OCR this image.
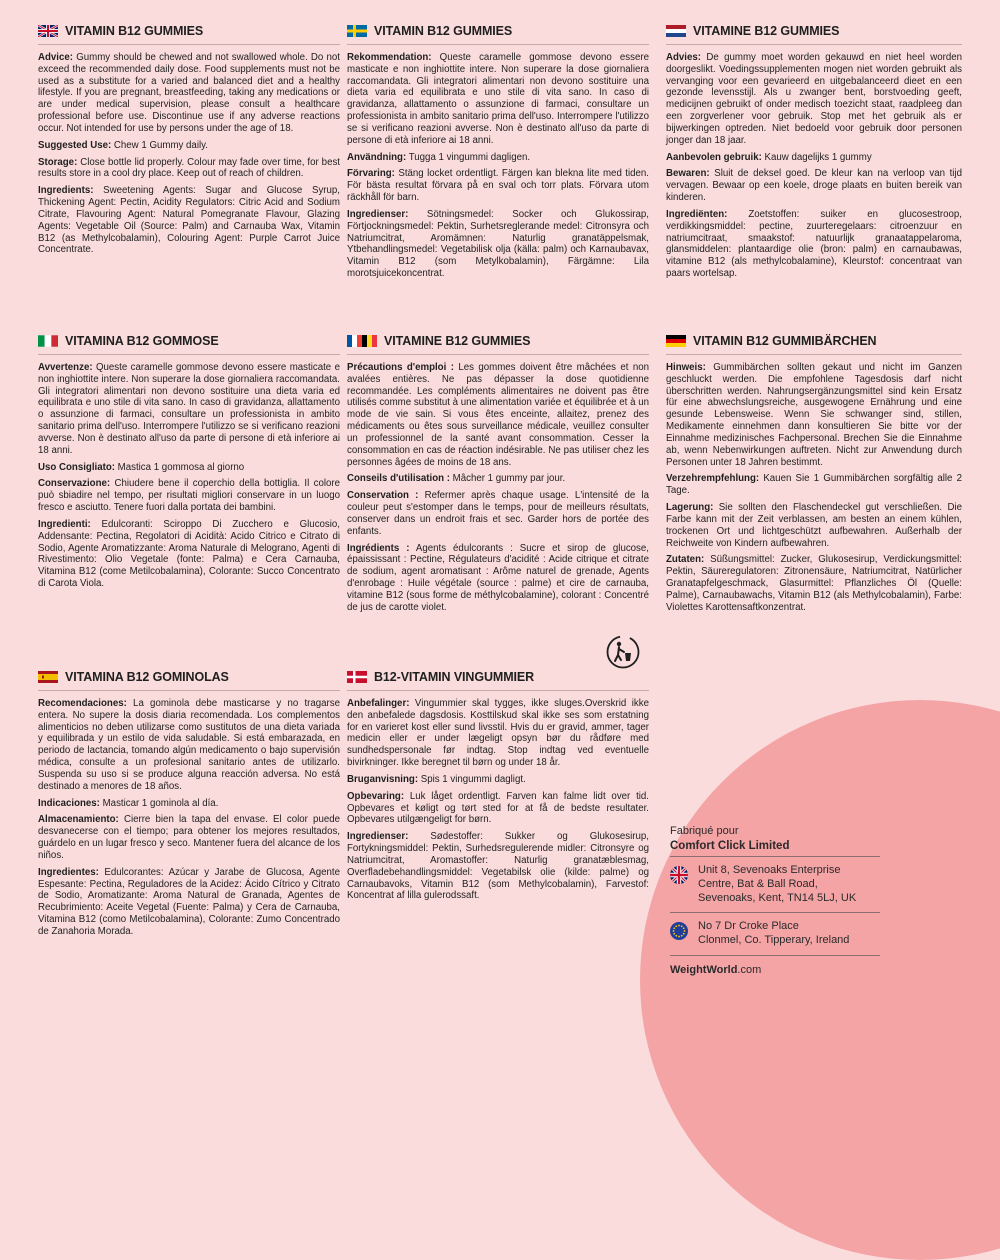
VITAMIN B12 GUMMIES

Advice: Gummy should be chewed and not swallowed whole. Do not exceed the recommended daily dose. Food supplements must not be used as a substitute for a varied and balanced diet and a healthy lifestyle. If you are pregnant, breastfeeding, taking any medications or are under medical supervision, please consult a healthcare professional before use. Discontinue use if any adverse reactions occur. Not intended for use by persons under the age of 18.

Suggested Use: Chew 1 Gummy daily.

Storage: Close bottle lid properly. Colour may fade over time, for best results store in a cool dry place. Keep out of reach of children.

Ingredients: Sweetening Agents: Sugar and Glucose Syrup, Thickening Agent: Pectin, Acidity Regulators: Citric Acid and Sodium Citrate, Flavouring Agent: Natural Pomegranate Flavour, Glazing Agents: Vegetable Oil (Source: Palm) and Carnauba Wax, Vitamin B12 (as Methylcobalamin), Colouring Agent: Purple Carrot Juice Concentrate.

VITAMIN B12 GUMMIES

Rekommendation: Queste caramelle gommose devono essere masticate e non inghiottite intere. Non superare la dose giornaliera raccomandata. Gli integratori alimentari non devono sostituire una dieta varia ed equilibrata e uno stile di vita sano. In caso di gravidanza, allattamento o assunzione di farmaci, consultare un professionista in ambito sanitario prima dell'uso. Interrompere l'utilizzo se si verificano reazioni avverse. Non è destinato all'uso da parte di persone di età inferiore ai 18 anni.

Användning: Tugga 1 vingummi dagligen.

Förvaring: Stäng locket ordentligt. Färgen kan blekna lite med tiden. För bästa resultat förvara på en sval och torr plats. Förvara utom räckhåll för barn.

Ingredienser: Sötningsmedel: Socker och Glukossirap, Förtjockningsmedel: Pektin, Surhetsreglerande medel: Citronsyra och Natriumcitrat, Aromämnen: Naturlig granatäppelsmak, Ytbehandlingsmedel: Vegetabilisk olja (källa: palm) och Karnaubavax, Vitamin B12 (som Metylkobalamin), Färgämne: Lila morotsjuicekoncentrat.

VITAMINE B12 GUMMIES

Advies: De gummy moet worden gekauwd en niet heel worden doorgeslikt. Voedingssupplementen mogen niet worden gebruikt als vervanging voor een gevarieerd en uitgebalanceerd dieet en een gezonde levensstijl. Als u zwanger bent, borstvoeding geeft, medicijnen gebruikt of onder medisch toezicht staat, raadpleeg dan een zorgverlener voor gebruik. Stop met het gebruik als er bijwerkingen optreden. Niet bedoeld voor gebruik door personen jonger dan 18 jaar.

Aanbevolen gebruik: Kauw dagelijks 1 gummy

Bewaren: Sluit de deksel goed. De kleur kan na verloop van tijd vervagen. Bewaar op een koele, droge plaats en buiten bereik van kinderen.

Ingrediënten: Zoetstoffen: suiker en glucosestroop, verdikkingsmiddel: pectine, zuurteregelaars: citroenzuur en natriumcitraat, smaakstof: natuurlijk granaatappelaroma, glansmiddelen: plantaardige olie (bron: palm) en carnaubawas, vitamine B12 (als methylcobalamine), Kleurstof: concentraat van paars wortelsap.

VITAMINA B12 GOMMOSE

Avvertenze: Queste caramelle gommose devono essere masticate e non inghiottite intere. Non superare la dose giornaliera raccomandata. Gli integratori alimentari non devono sostituire una dieta varia ed equilibrata e uno stile di vita sano. In caso di gravidanza, allattamento o assunzione di farmaci, consultare un professionista in ambito sanitario prima dell'uso. Interrompere l'utilizzo se si verificano reazioni avverse. Non è destinato all'uso da parte di persone di età inferiore ai 18 anni.

Uso Consigliato: Mastica 1 gommosa al giorno

Conservazione: Chiudere bene il coperchio della bottiglia. Il colore può sbiadire nel tempo, per risultati migliori conservare in un luogo fresco e asciutto. Tenere fuori dalla portata dei bambini.

Ingredienti: Edulcoranti: Sciroppo Di Zucchero e Glucosio, Addensante: Pectina, Regolatori di Acidità: Acido Citrico e Citrato di Sodio, Agente Aromatizzante: Aroma Naturale di Melograno, Agenti di Rivestimento: Olio Vegetale (fonte: Palma) e Cera Carnauba, Vitamina B12 (come Metilcobalamina), Colorante: Succo Concentrato di Carota Viola.

VITAMINE B12 GUMMIES

Précautions d'emploi : Les gommes doivent être mâchées et non avalées entières. Ne pas dépasser la dose quotidienne recommandée. Les compléments alimentaires ne doivent pas être utilisés comme substitut à une alimentation variée et équilibrée et à un mode de vie sain. Si vous êtes enceinte, allaitez, prenez des médicaments ou êtes sous surveillance médicale, veuillez consulter un professionnel de la santé avant consommation. Cesser la consommation en cas de réaction indésirable. Ne pas utiliser chez les personnes âgées de moins de 18 ans.

Conseils d'utilisation : Mâcher 1 gummy par jour.

Conservation : Refermer après chaque usage. L'intensité de la couleur peut s'estomper dans le temps, pour de meilleurs résultats, conserver dans un endroit frais et sec. Garder hors de portée des enfants.

Ingrédients : Agents édulcorants : Sucre et sirop de glucose, épaississant : Pectine, Régulateurs d'acidité : Acide citrique et citrate de sodium, agent aromatisant : Arôme naturel de grenade, Agents d'enrobage : Huile végétale (source : palme) et cire de carnauba, vitamine B12 (sous forme de méthylcobalamine), colorant : Concentré de jus de carotte violet.

VITAMIN B12 GUMMIBÄRCHEN

Hinweis: Gummibärchen sollten gekaut und nicht im Ganzen geschluckt werden. Die empfohlene Tagesdosis darf nicht überschritten werden. Nahrungsergänzungsmittel sind kein Ersatz für eine abwechslungsreiche, ausgewogene Ernährung und eine gesunde Lebensweise. Wenn Sie schwanger sind, stillen, Medikamente einnehmen dann konsultieren Sie bitte vor der Einnahme medizinisches Fachpersonal. Brechen Sie die Einnahme ab, wenn Nebenwirkungen auftreten. Nicht zur Anwendung durch Personen unter 18 Jahren bestimmt.

Verzehrempfehlung: Kauen Sie 1 Gummibärchen sorgfältig alle 2 Tage.

Lagerung: Sie sollten den Flaschendeckel gut verschließen. Die Farbe kann mit der Zeit verblassen, am besten an einem kühlen, trockenen Ort und lichtgeschützt aufbewahren. Außerhalb der Reichweite von Kindern aufbewahren.

Zutaten: Süßungsmittel: Zucker, Glukosesirup, Verdickungsmittel: Pektin, Säureregulatoren: Zitronensäure, Natriumcitrat, Natürlicher Granatapfelgeschmack, Glasurmittel: Pflanzliches Öl (Quelle: Palme), Carnaubawachs, Vitamin B12 (als Methylcobalamin), Farbe: Violettes Karottensaftkonzentrat.

VITAMINA B12 GOMINOLAS

Recomendaciones: La gominola debe masticarse y no tragarse entera. No supere la dosis diaria recomendada. Los complementos alimenticios no deben utilizarse como sustitutos de una dieta variada y equilibrada y un estilo de vida saludable. Si está embarazada, en periodo de lactancia, tomando algún medicamento o bajo supervisión médica, consulte a un profesional sanitario antes de utilizarlo. Suspenda su uso si se produce alguna reacción adversa. No está destinado a menores de 18 años.

Indicaciones: Masticar 1 gominola al día.

Almacenamiento: Cierre bien la tapa del envase. El color puede desvanecerse con el tiempo; para obtener los mejores resultados, guárdelo en un lugar fresco y seco. Mantener fuera del alcance de los niños.

Ingredientes: Edulcorantes: Azúcar y Jarabe de Glucosa, Agente Espesante: Pectina, Reguladores de la Acidez: Ácido Cítrico y Citrato de Sodio, Aromatizante: Aroma Natural de Granada, Agentes de Recubrimiento: Aceite Vegetal (Fuente: Palma) y Cera de Carnauba, Vitamina B12 (como Metilcobalamina), Colorante: Zumo Concentrado de Zanahoria Morada.

B12-VITAMIN VINGUMMIER

Anbefalinger: Vingummier skal tygges, ikke sluges.Overskrid ikke den anbefalede dagsdosis. Kosttilskud skal ikke ses som erstatning for en varieret kost eller sund livsstil. Hvis du er gravid, ammer, tager medicin eller er under lægeligt opsyn bør du rådføre med sundhedspersonale før indtag. Stop indtag ved eventuelle bivirkninger. Ikke beregnet til børn og under 18 år.

Bruganvisning: Spis 1 vingummi dagligt.

Opbevaring: Luk låget ordentligt. Farven kan falme lidt over tid. Opbevares et køligt og tørt sted for at få de bedste resultater. Opbevares utilgængeligt for børn.

Ingredienser: Sødestoffer: Sukker og Glukosesirup, Fortykningsmiddel: Pektin, Surhedsregulerende midler: Citronsyre og Natriumcitrat, Aromastoffer: Naturlig granatæblesmag, Overfladebehandlingsmiddel: Vegetabilsk olie (kilde: palme) og Carnaubavoks, Vitamin B12 (som Methylcobalamin), Farvestof: Koncentrat af lilla gulerodssaft.

Fabriqué pour
Comfort Click Limited
Unit 8, Sevenoaks Enterprise
Centre, Bat & Ball Road,
Sevenoaks, Kent, TN14 5LJ, UK
No 7 Dr Croke Place
Clonmel, Co. Tipperary, Ireland
WeightWorld.com
